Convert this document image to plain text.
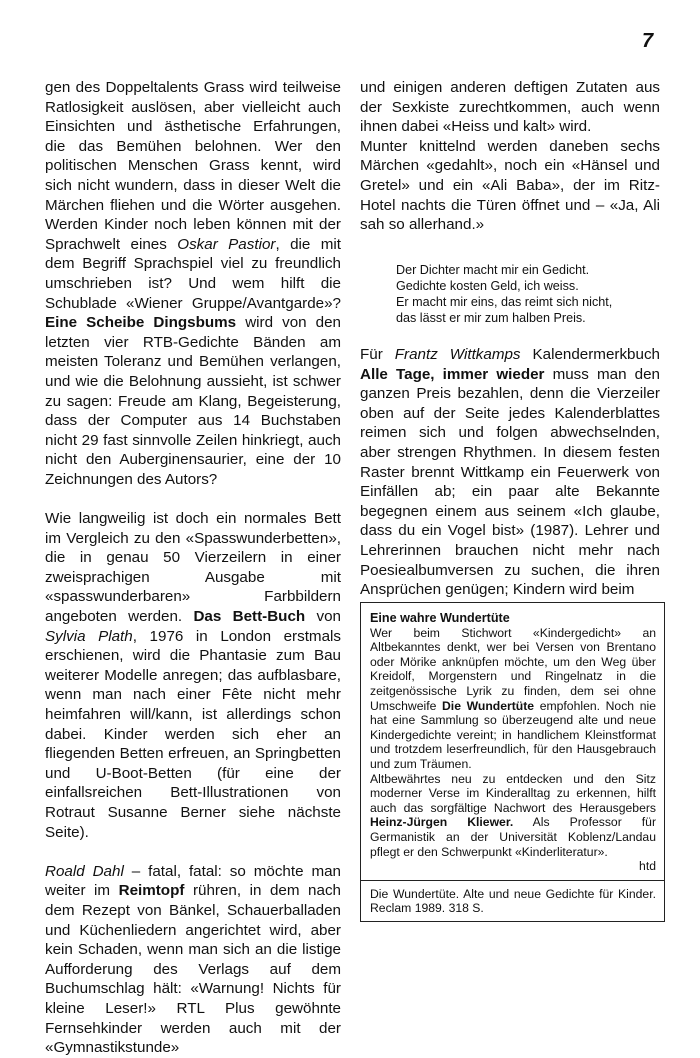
7

gen des Doppeltalents Grass wird teilweise Ratlosigkeit auslösen, aber vielleicht auch Einsichten und ästhetische Erfahrungen, die das Bemühen belohnen. Wer den politischen Menschen Grass kennt, wird sich nicht wundern, dass in dieser Welt die Märchen fliehen und die Wörter ausgehen. Werden Kinder noch leben können mit der Sprachwelt eines Oskar Pastior, die mit dem Begriff Sprachspiel viel zu freundlich umschrieben ist? Und wem hilft die Schublade «Wiener Gruppe/Avantgarde»? Eine Scheibe Dingsbums wird von den letzten vier RTB-Gedichte Bänden am meisten Toleranz und Bemühen verlangen, und wie die Belohnung aussieht, ist schwer zu sagen: Freude am Klang, Begeisterung, dass der Computer aus 14 Buchstaben nicht 29 fast sinnvolle Zeilen hinkriegt, auch nicht den Auberginensaurier, eine der 10 Zeichnungen des Autors?

Wie langweilig ist doch ein normales Bett im Vergleich zu den «Spasswunderbetten», die in genau 50 Vierzeilern in einer zweisprachigen Ausgabe mit «spasswunderbaren» Farbbildern angeboten werden. Das Bett-Buch von Sylvia Plath, 1976 in London erstmals erschienen, wird die Phantasie zum Bau weiterer Modelle anregen; das aufblasbare, wenn man nach einer Fête nicht mehr heimfahren will/kann, ist allerdings schon dabei. Kinder werden sich eher an fliegenden Betten erfreuen, an Springbetten und U-Boot-Betten (für eine der einfallsreichen Bett-Illustrationen von Rotraut Susanne Berner siehe nächste Seite).

Roald Dahl – fatal, fatal: so möchte man weiter im Reimtopf rühren, in dem nach dem Rezept von Bänkel, Schauerballaden und Küchenliedern angerichtet wird, aber kein Schaden, wenn man sich an die listige Aufforderung des Verlags auf dem Buchumschlag hält: «Warnung! Nichts für kleine Leser!» RTL Plus gewöhnte Fernsehkinder werden auch mit der «Gymnastikstunde»

und einigen anderen deftigen Zutaten aus der Sexkiste zurechtkommen, auch wenn ihnen dabei «Heiss und kalt» wird.

Munter knittelnd werden daneben sechs Märchen «gedahlt», noch ein «Hänsel und Gretel» und ein «Ali Baba», der im Ritz-Hotel nachts die Türen öffnet und – «Ja, Ali sah so allerhand.»

Der Dichter macht mir ein Gedicht.
Gedichte kosten Geld, ich weiss.
Er macht mir eins, das reimt sich nicht,
das lässt er mir zum halben Preis.

Für Frantz Wittkamps Kalendermerkbuch Alle Tage, immer wieder muss man den ganzen Preis bezahlen, denn die Vierzeiler oben auf der Seite jedes Kalenderblattes reimen sich und folgen abwechselnden, aber strengen Rhythmen. In diesem festen Raster brennt Wittkamp ein Feuerwerk von Einfällen ab; ein paar alte Bekannte begegnen einem aus seinem «Ich glaube, dass du ein Vogel bist» (1987). Lehrer und Lehrerinnen brauchen nicht mehr nach Poesiealbumversen zu suchen, die ihren Ansprüchen genügen; Kindern wird beim

Eine wahre Wundertüte

Wer beim Stichwort «Kindergedicht» an Altbekanntes denkt, wer bei Versen von Brentano oder Mörike anknüpfen möchte, um den Weg über Kreidolf, Morgenstern und Ringelnatz in die zeitgenössische Lyrik zu finden, dem sei ohne Umschweife Die Wundertüte empfohlen. Noch nie hat eine Sammlung so überzeugend alte und neue Kindergedichte vereint; in handlichem Kleinstformat und trotzdem leserfreundlich, für den Hausgebrauch und zum Träumen.

Altbewährtes neu zu entdecken und den Sitz moderner Verse im Kinderalltag zu erkennen, hilft auch das sorgfältige Nachwort des Herausgebers Heinz-Jürgen Kliewer. Als Professor für Germanistik an der Universität Koblenz/Landau pflegt er den Schwerpunkt «Kinderliteratur».

htd

Die Wundertüte. Alte und neue Gedichte für Kinder. Reclam 1989. 318 S.
